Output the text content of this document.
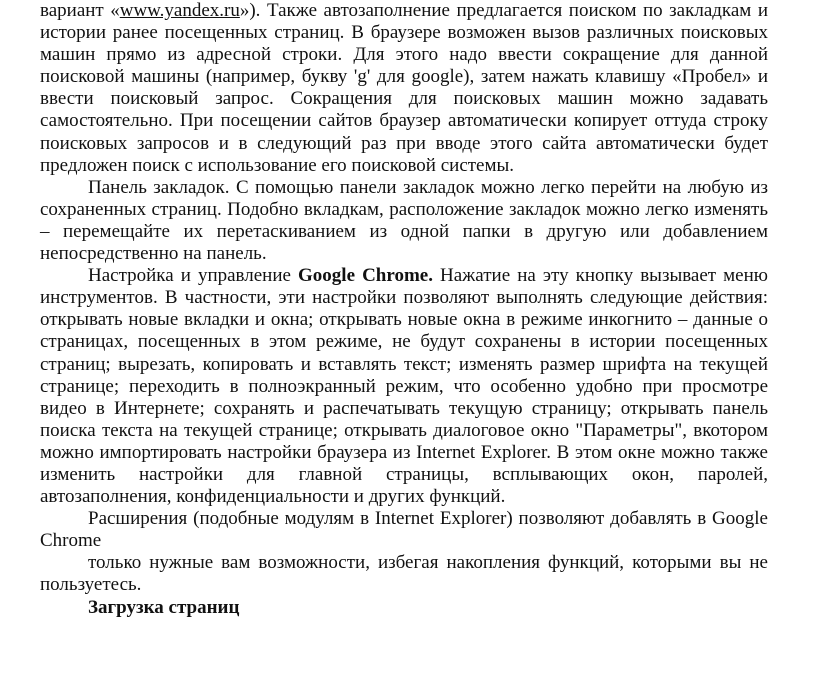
вариант «www.yandex.ru»). Также автозаполнение предлагается поиском по закладкам и истории ранее посещенных страниц. В браузере возможен вызов различных поисковых машин прямо из адресной строки. Для этого надо ввести сокращение для данной поисковой машины (например, букву 'g' для google), затем нажать клавишу «Пробел» и ввести поисковый запрос. Сокращения для поисковых машин можно задавать самостоятельно. При посещении сайтов браузер автоматически копирует оттуда строку поисковых запросов и в следующий раз при вводе этого сайта автоматически будет предложен поиск с использование его поисковой системы.

Панель закладок. С помощью панели закладок можно легко перейти на любую из сохраненных страниц. Подобно вкладкам, расположение закладок можно легко изменять – перемещайте их перетаскиванием из одной папки в другую или добавлением непосредственно на панель.

Настройка и управление Google Chrome. Нажатие на эту кнопку вызывает меню инструментов. В частности, эти настройки позволяют выполнять следующие действия: открывать новые вкладки и окна; открывать новые окна в режиме инкогнито – данные о страницах, посещенных в этом режиме, не будут сохранены в истории посещенных страниц; вырезать, копировать и вставлять текст; изменять размер шрифта на текущей странице; переходить в полноэкранный режим, что особенно удобно при просмотре видео в Интернете; сохранять и распечатывать текущую страницу; открывать панель поиска текста на текущей странице; открывать диалоговое окно "Параметры", вкотором можно импортировать настройки браузера из Internet Explorer. В этом окне можно также изменить настройки для главной страницы, всплывающих окон, паролей, автозаполнения, конфиденциальности и других функций.

Расширения (подобные модулям в Internet Explorer) позволяют добавлять в Google Chrome

только нужные вам возможности, избегая накопления функций, которыми вы не пользуетесь.

Загрузка страниц
